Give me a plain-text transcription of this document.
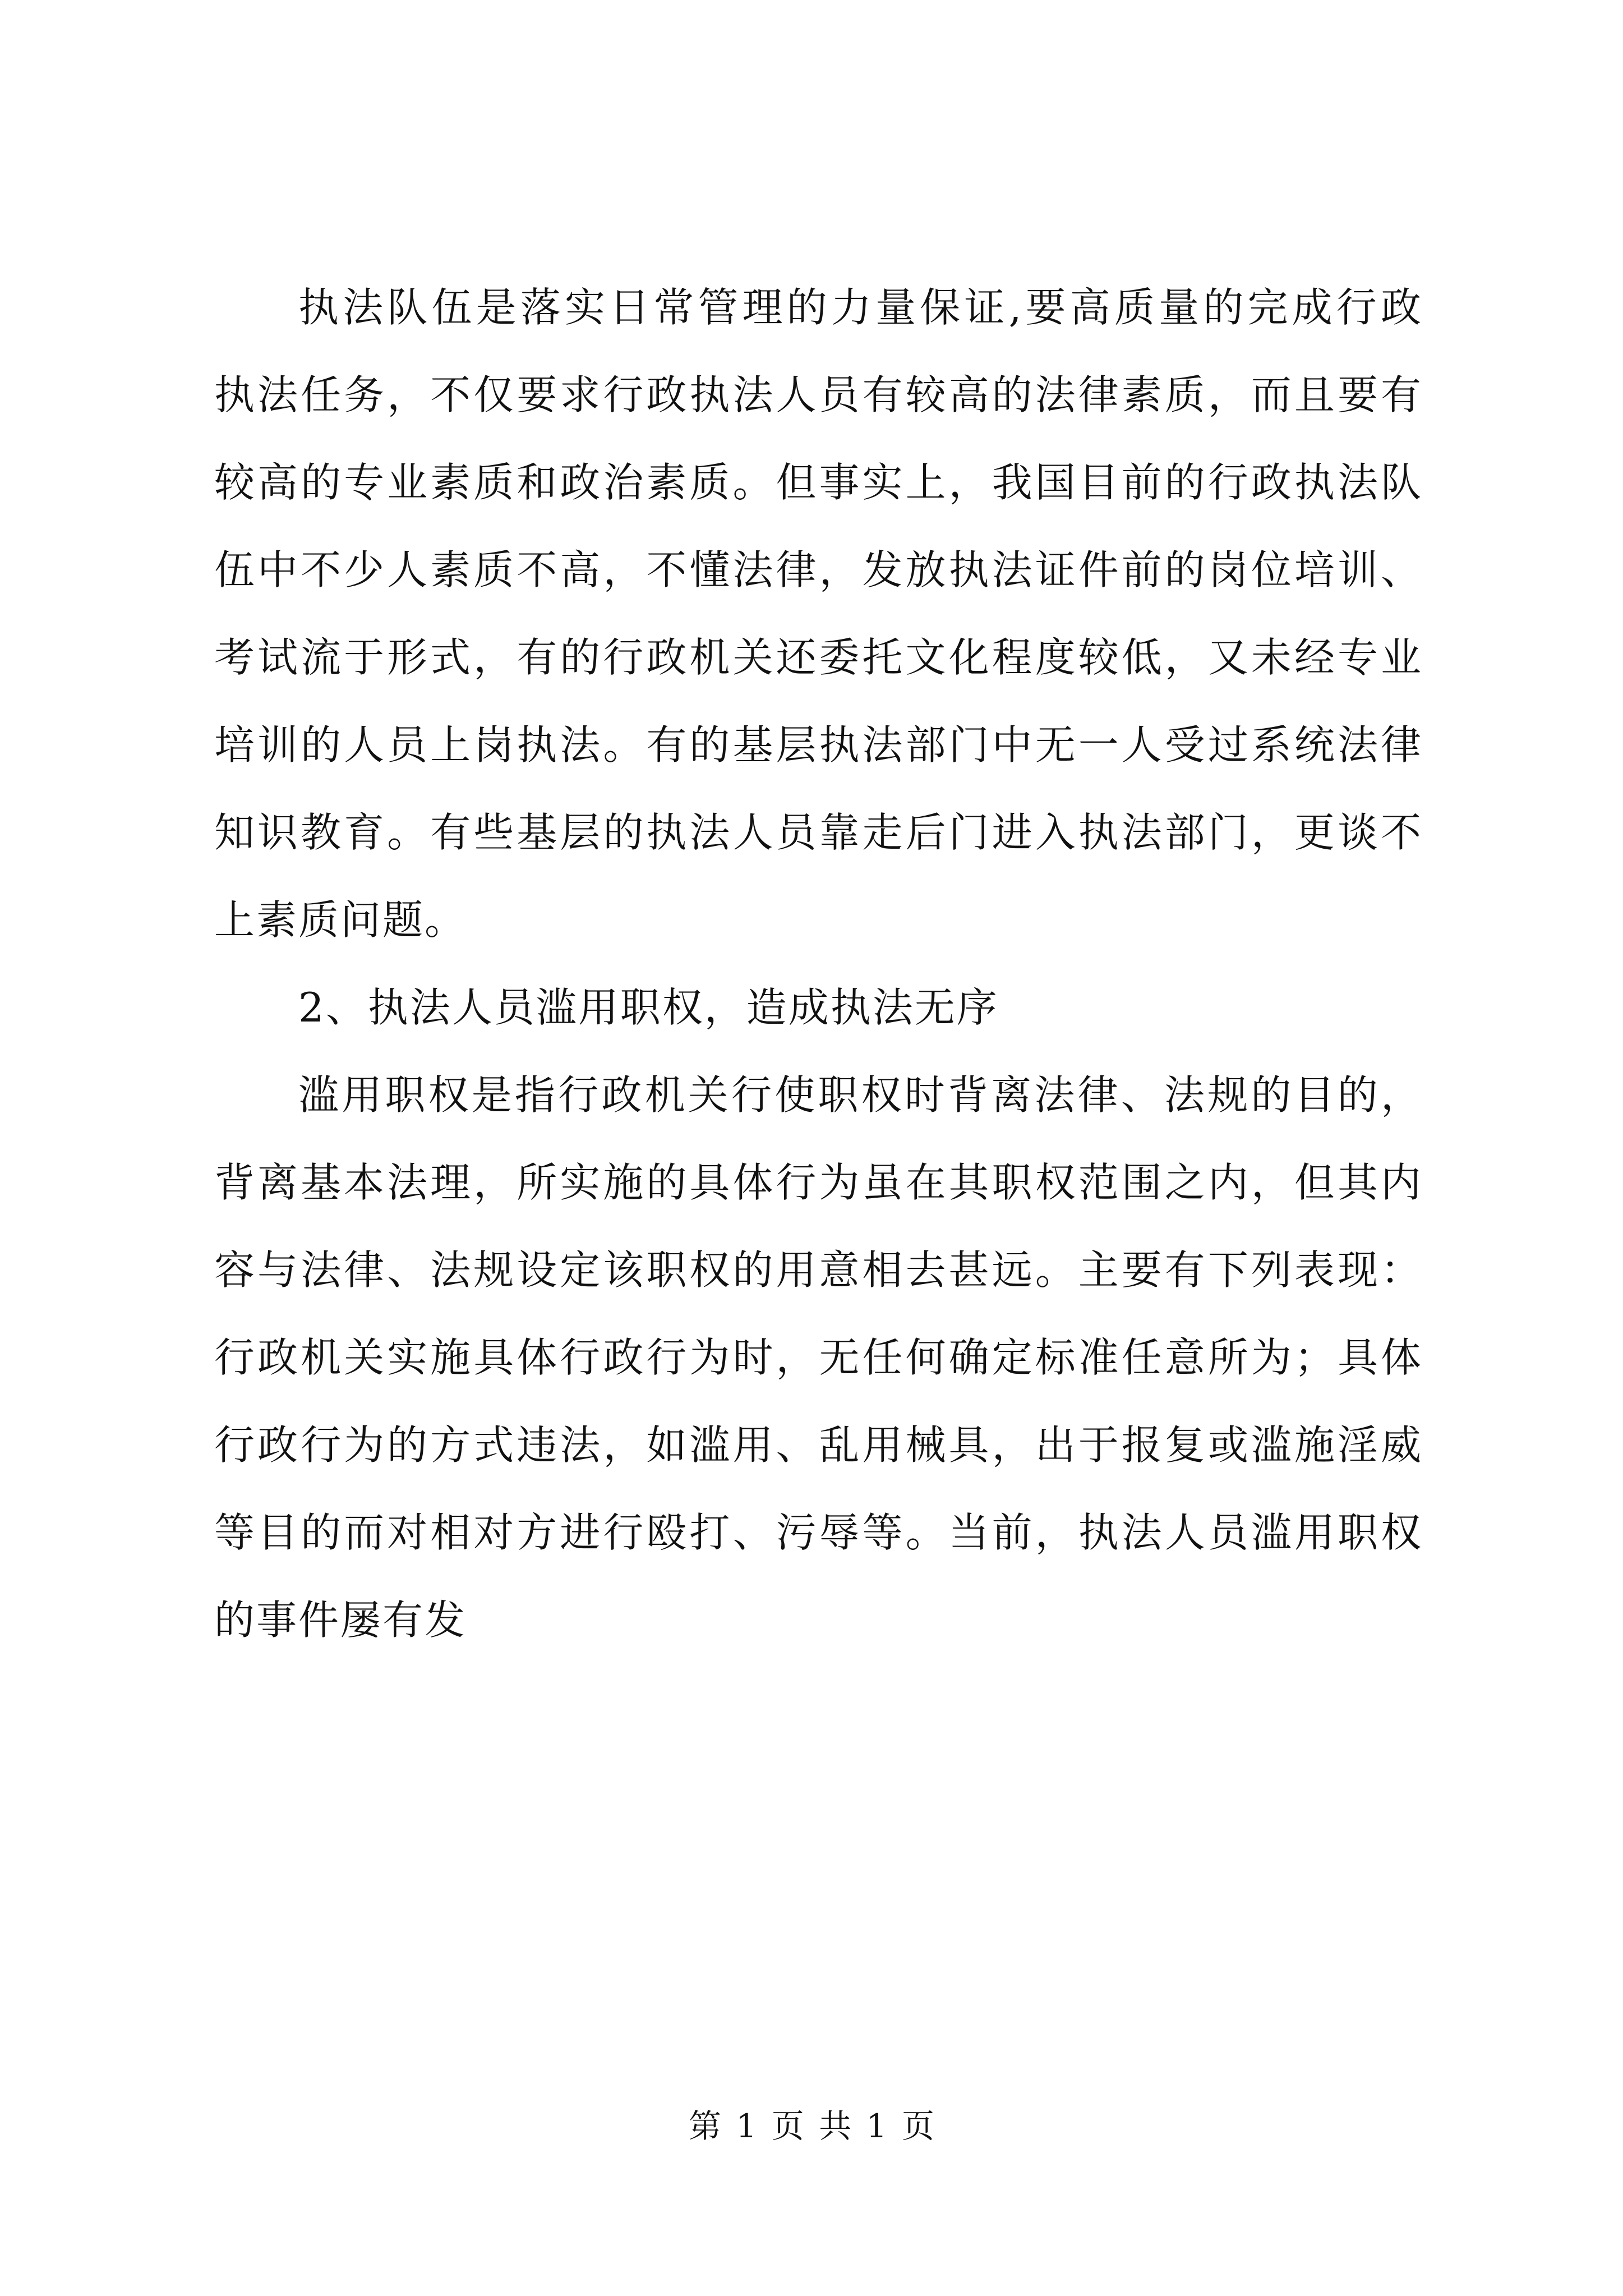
执法队伍是落实日常管理的力量保证,要高质量的完成行政
执法任务，不仅要求行政执法人员有较高的法律素质，而且要有
较高的专业素质和政治素质。但事实上，我国目前的行政执法队
伍中不少人素质不高，不懂法律，发放执法证件前的岗位培训、
考试流于形式，有的行政机关还委托文化程度较低，又未经专业
培训的人员上岗执法。有的基层执法部门中无一人受过系统法律
知识教育。有些基层的执法人员靠走后门进入执法部门，更谈不
上素质问题。
2、执法人员滥用职权，造成执法无序
滥用职权是指行政机关行使职权时背离法律、法规的目的，
背离基本法理，所实施的具体行为虽在其职权范围之内，但其内
容与法律、法规设定该职权的用意相去甚远。主要有下列表现：
行政机关实施具体行政行为时，无任何确定标准任意所为；具体
行政行为的方式违法，如滥用、乱用械具，出于报复或滥施淫威
等目的而对相对方进行殴打、污辱等。当前，执法人员滥用职权
的事件屡有发
第 1 页 共 1 页
